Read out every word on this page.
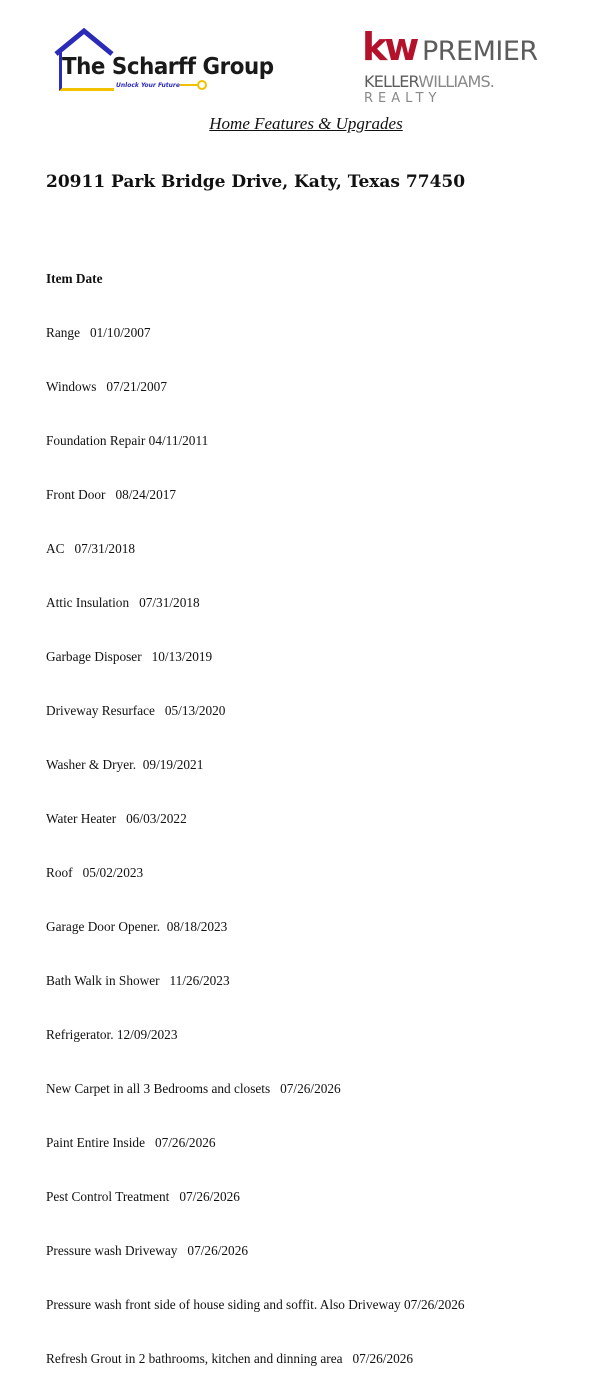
The Scharff Group
Unlock Your Future
kw PREMIER
KELLERWILLIAMS.
REALTY
Home Features & Upgrades
20911 Park Bridge Drive, Katy, Texas 77450

Item Date

Range   01/10/2007

Windows   07/21/2007

Foundation Repair 04/11/2011

Front Door   08/24/2017

AC   07/31/2018

Attic Insulation   07/31/2018

Garbage Disposer   10/13/2019

Driveway Resurface   05/13/2020

Washer & Dryer.  09/19/2021

Water Heater   06/03/2022

Roof   05/02/2023

Garage Door Opener.  08/18/2023

Bath Walk in Shower   11/26/2023

Refrigerator. 12/09/2023

New Carpet in all 3 Bedrooms and closets   07/26/2026

Paint Entire Inside   07/26/2026

Pest Control Treatment   07/26/2026

Pressure wash Driveway   07/26/2026

Pressure wash front side of house siding and soffit. Also Driveway 07/26/2026

Refresh Grout in 2 bathrooms, kitchen and dinning area   07/26/2026
